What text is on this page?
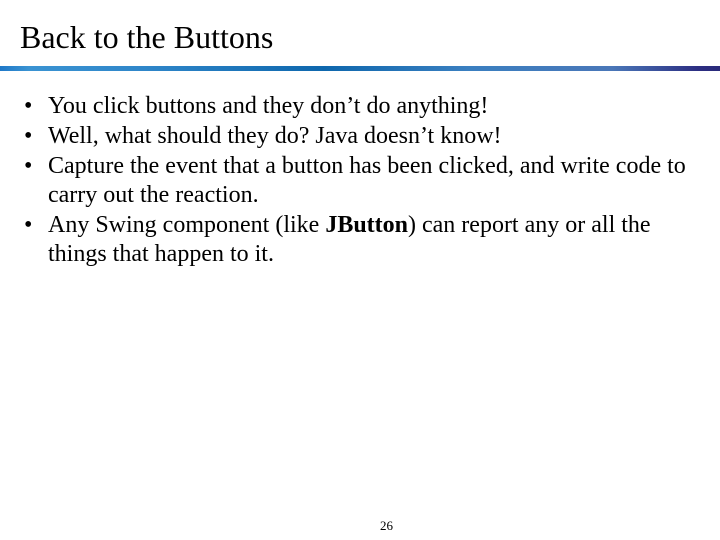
Back to the Buttons
• You click buttons and they don’t do anything!
• Well, what should they do? Java doesn’t know!
• Capture the event that a button has been clicked, and write code to carry out the reaction.
• Any Swing component (like JButton) can report any or all the things that happen to it.
26
